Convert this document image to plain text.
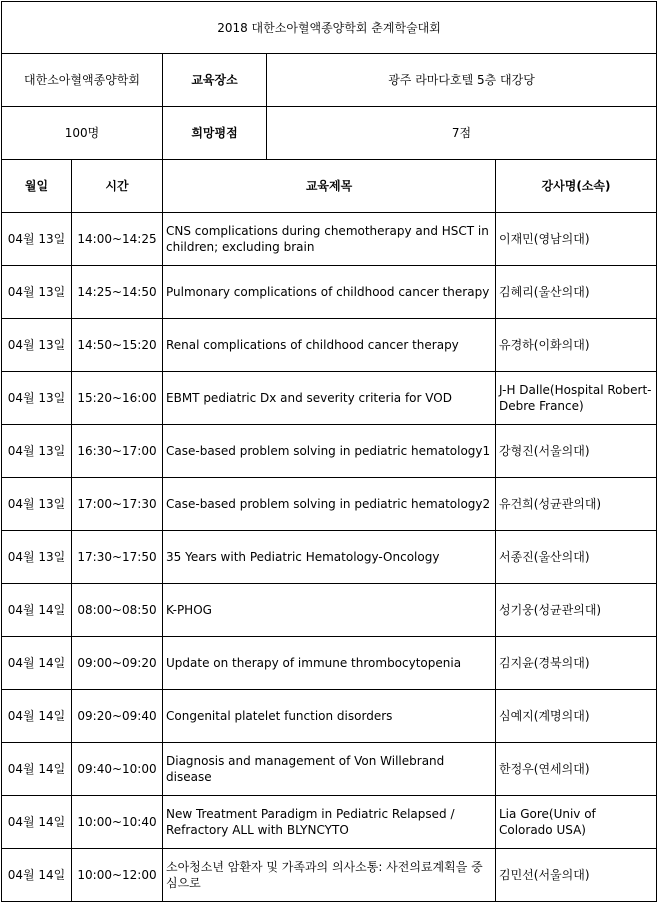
2018 대한소아혈액종양학회 춘계학술대회				
대한소아혈액종양학회		교육장소	광주 라마다호텔 5층 대강당	
100명		희망평점	7점	
월일	시간	교육제목		강사명(소속)
04월 13일	14:00~14:25	CNS complications during chemotherapy and HSCT in children; excluding brain		이재민(영남의대)
04월 13일	14:25~14:50	Pulmonary complications of childhood cancer therapy		김혜리(울산의대)
04월 13일	14:50~15:20	Renal complications of childhood cancer therapy		유경하(이화의대)
04월 13일	15:20~16:00	EBMT pediatric Dx and severity criteria for VOD		J-H Dalle(Hospital Robert-Debre France)
04월 13일	16:30~17:00	Case-based problem solving in pediatric hematology1		강형진(서울의대)
04월 13일	17:00~17:30	Case-based problem solving in pediatric hematology2		유건희(성균관의대)
04월 13일	17:30~17:50	35 Years with Pediatric Hematology-Oncology		서종진(울산의대)
04월 14일	08:00~08:50	K-PHOG		성기웅(성균관의대)
04월 14일	09:00~09:20	Update on therapy of immune thrombocytopenia		김지윤(경북의대)
04월 14일	09:20~09:40	Congenital platelet function disorders		심예지(계명의대)
04월 14일	09:40~10:00	Diagnosis and management of Von Willebrand disease		한정우(연세의대)
04월 14일	10:00~10:40	New Treatment Paradigm in Pediatric Relapsed / Refractory ALL with BLYNCYTO		Lia Gore(Univ of Colorado USA)
04월 14일	10:00~12:00	소아청소년 암환자 및 가족과의 의사소통: 사전의료계획을 중심으로		김민선(서울의대)
